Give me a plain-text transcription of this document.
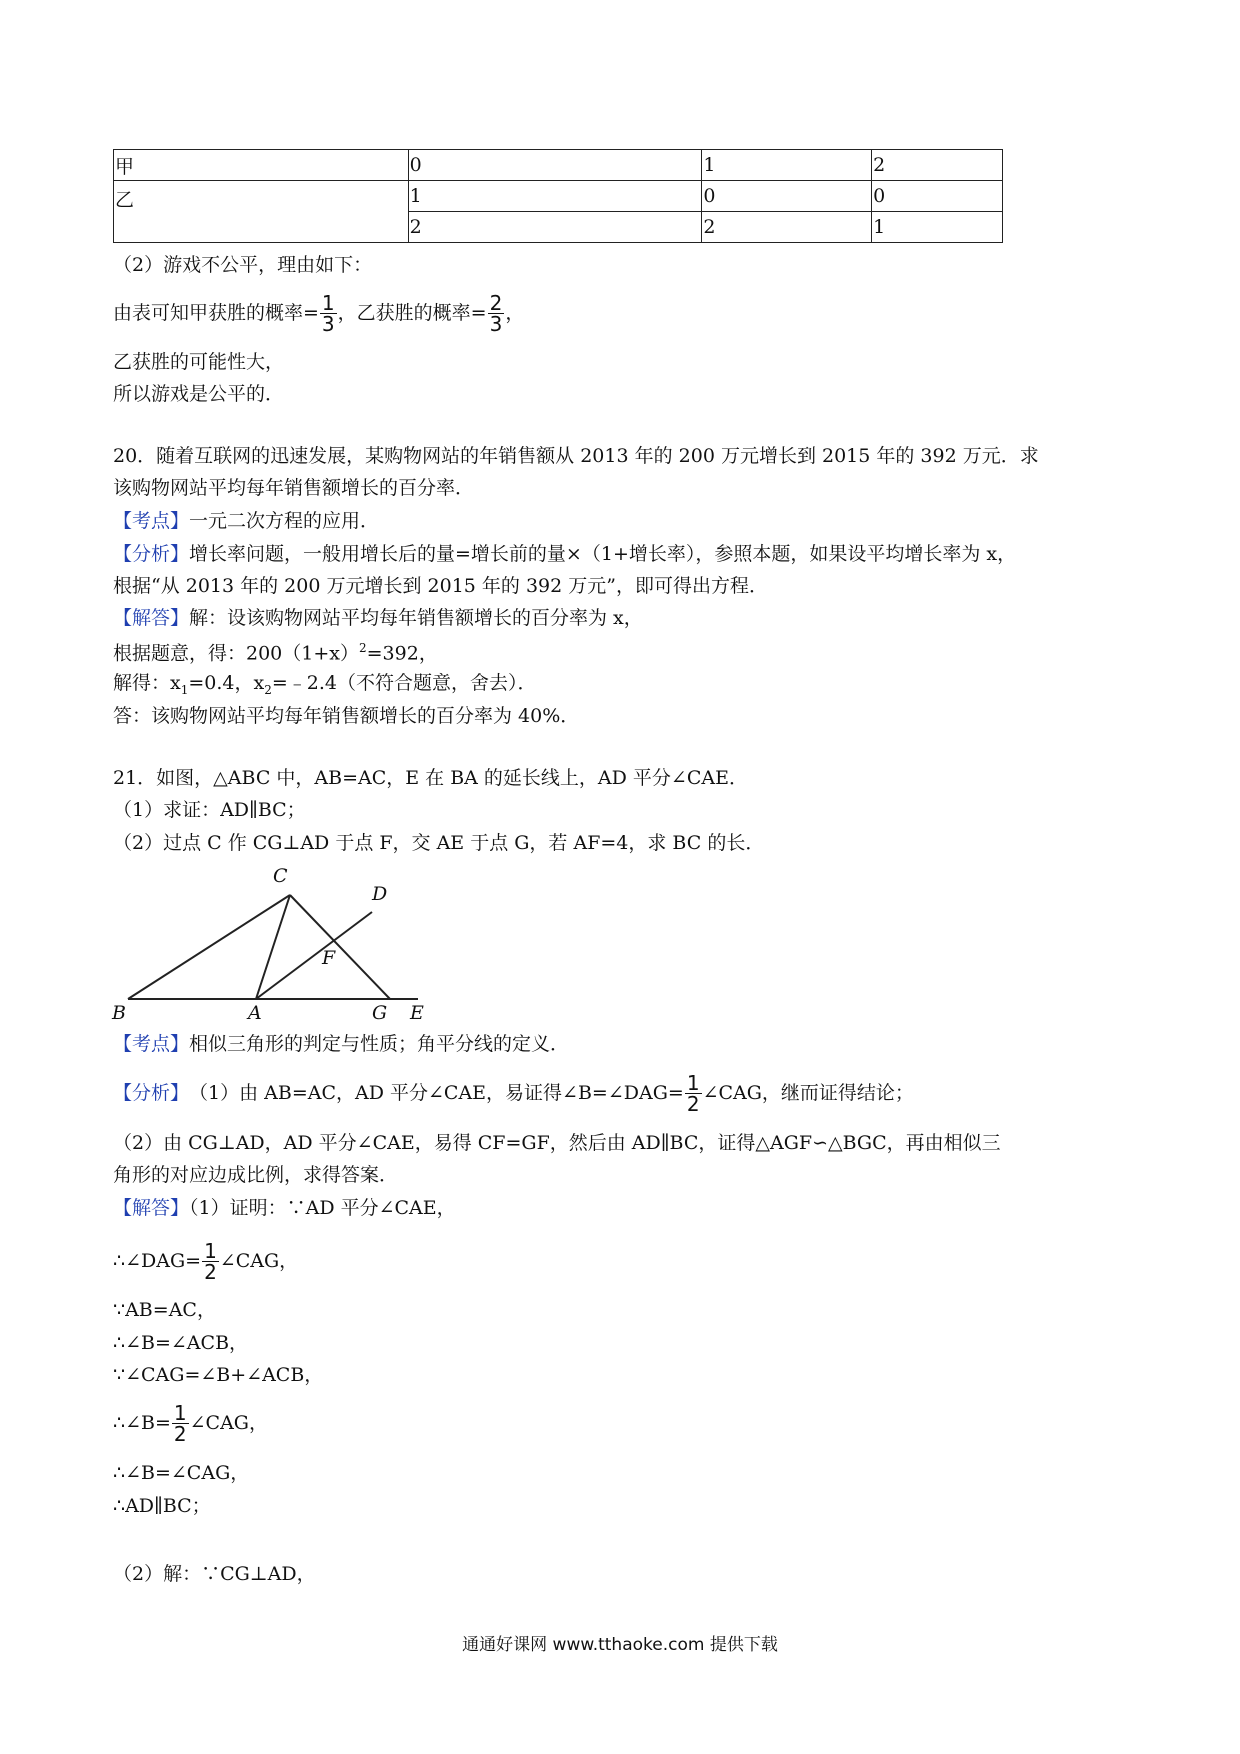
甲	0	1	2
乙	1	0	0
	2	2	1
（2）游戏不公平，理由如下：
由表可知甲获胜的概率= $\frac{1}{3}$ ，乙获胜的概率= $\frac{2}{3}$ ，
乙获胜的可能性大，
所以游戏是公平的．
20．随着互联网的迅速发展，某购物网站的年销售额从 2013 年的 200 万元增长到 2015 年的 392 万元．求
该购物网站平均每年销售额增长的百分率．
【考点】一元二次方程的应用．
【分析】增长率问题，一般用增长后的量=增长前的量×（1+增长率），参照本题，如果设平均增长率为 x，
根据“从 2013 年的 200 万元增长到 2015 年的 392 万元”，即可得出方程．
【解答】解：设该购物网站平均每年销售额增长的百分率为 x，
根据题意，得：$200(1+x)^2=392$，
解得：$x_1=0.4$，$x_2=﹣2.4$（不符合题意，舍去）．
答：该购物网站平均每年销售额增长的百分率为 40%．
21．如图，△ABC 中，AB=AC，E 在 BA 的延长线上，AD 平分∠CAE．
（1）求证：AD∥BC；
（2）过点 C 作 CG⊥AD 于点 F，交 AE 于点 G，若 AF=4，求 BC 的长．
C
D
F
B	A	G E
【考点】相似三角形的判定与性质；角平分线的定义．
【分析】 （1）由 AB=AC，AD 平分∠CAE，易证得∠B=∠DAG= $\frac{1}{2}$ ∠CAG，继而证得结论；
（2）由 CG⊥AD，AD 平分∠CAE，易得 CF=GF，然后由 AD∥BC，证得△AGF∽△BGC，再由相似三
角形的对应边成比例，求得答案．
【解答】（1）证明：∵AD 平分∠CAE，
∴∠DAG= $\frac{1}{2}$ ∠CAG，
∵AB=AC，
∴∠B=∠ACB，
∵∠CAG=∠B+∠ACB，
∴∠B= $\frac{1}{2}$ ∠CAG，
∴∠B=∠CAG，
∴AD∥BC；
（2）解：∵CG⊥AD，
通通好课网 www.tthaoke.com 提供下载
